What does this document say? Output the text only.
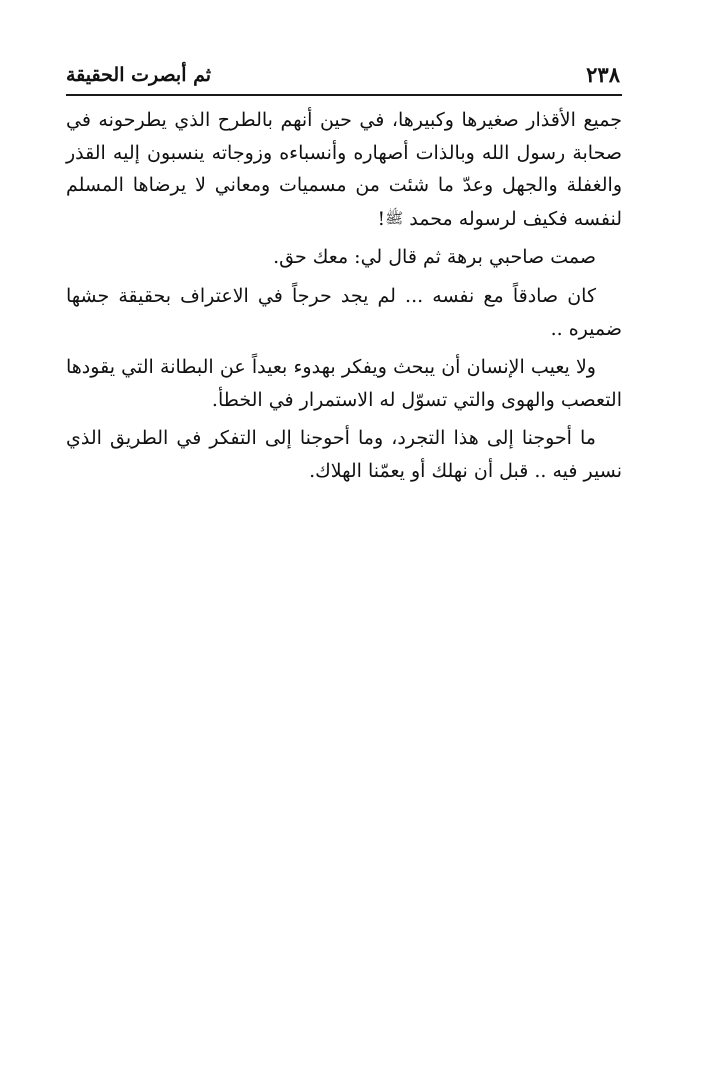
٢٣٨
ثم أبصرت الحقيقة

جميع الأقذار صغيرها وكبيرها، في حين أنهم بالطرح الذي يطرحونه في صحابة رسول الله وبالذات أصهاره وأنسباءه وزوجاته ينسبون إليه القذر والغفلة والجهل وعدّ ما شئت من مسميات ومعاني لا يرضاها المسلم لنفسه فكيف لرسوله محمد ﷺ!

صمت صاحبي برهة ثم قال لي: معك حق.

كان صادقاً مع نفسه ... لم يجد حرجاً في الاعتراف بحقيقة جشها ضميره ..

ولا يعيب الإنسان أن يبحث ويفكر بهدوء بعيداً عن البطانة التي يقودها التعصب والهوى والتي تسوّل له الاستمرار في الخطأ.

ما أحوجنا إلى هذا التجرد، وما أحوجنا إلى التفكر في الطريق الذي نسير فيه .. قبل أن نهلك أو يعمّنا الهلاك.
